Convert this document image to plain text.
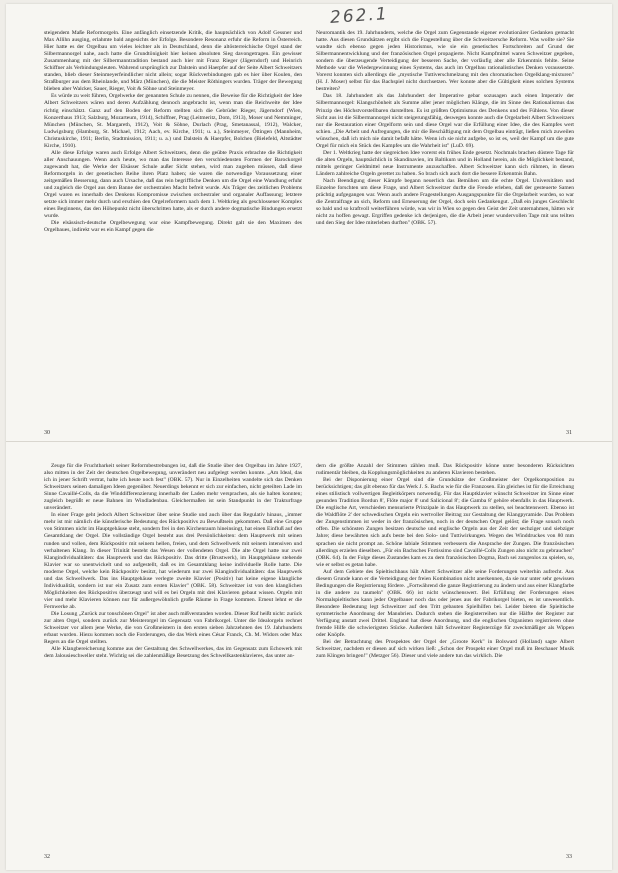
262.1

steigendem Maße Reformorgeln. Eine anfänglich einsetzende Kritik, die hauptsächlich von Adolf Gessner und Max Allihn ausging, erlahmte bald angesichts der Erfolge. Besondere Resonanz erfuhr die Reform in Österreich. Hier hatte es der Orgelbau um vieles leichter als in Deutschland, denn die altösterreichische Orgel stand der Silbermannorgel nahe, auch hatte die Grundtönigkeit hier keinen absoluten Sieg davongetragen. Ein gewisser Zusammenhang mit der Silbermanntradition bestand auch hier mit Franz Rieger (Jägerndorf) und Heinrich Schiffner als Verbindungsleuten. Wahrend ursprünglich zur Dalstein und Haerpfer auf der Seite Albert Schweitzers standen, blieb dieser Steinmeyerfeindlicher nicht allein; sogar Rückverbindungen gab es hier über Koulen, den Straßburger aus dem Rheinlande, und März (München), die die Meister Röthingers wurden. Träger der Bewegung blieben aber Walcker, Sauer, Rieger, Voit & Söhne und Steinmeyer.

Es würde zu weit führen, Orgelwerke der genannten Schule zu nennen, die Beweise für die Richtigkeit der Idee Albert Schweitzers wären und deren Aufzählung dennoch angebracht ist, wenn man die Reichweite der Idee richtig einschätzt. Ganz auf den Boden der Reform stellten sich die Gebrüder Rieger, Jägerndorf (Wien, Konzerthaus 1913; Salzburg, Mozarteum, 1914), Schiffner, Prag (Leitmeritz, Dom, 1913), Moser und Nemminger, München (München, St. Margareth, 1912), Voit & Söhne, Durlach (Prag, Smetanassal, 1912), Walcker, Ludwigsburg (Hamburg, St. Michael, 1912; Aach, ev. Kirche, 1911; u. a.), Steinmeyer, Öttingen (Mannheim, Christuskirche, 1911; Berlin, Stadtmission, 1911; u. a.) und Dalstein & Haerpfer, Bolchen (Bielefeld, Altstädter Kirche, 1910).

Alle diese Erfolge waren auch Erfolge Albert Schweitzers, denn die geübte Praxis erbrachte die Richtigkeit aller Anschauungen. Wenn auch heute, wo man das Interesse den verschiedensten Formen der Barockorgel zugewandt hat, die Werke der Elsässer Schule außer Sicht stehen, wird man zugeben müssen, daß diese Reformorgeln in der genetischen Reihe ihren Platz haben; sie waren die notwendige Voraussetzung einer zeitgemäßen Besserung, dann auch Ursache, daß das rein begriffliche Denken um die Orgel eine Wandlung erfuhr und zugleich die Orgel aus dem Banne der orchestralen Macht befreit wurde. Als Träger des zeitlichen Problems Orgel waren es innerhalb des Denkens Kompromisse zwischen orchestraler und organaler Auffassung; letztere setzte sich immer mehr durch und erschien den Orgelreformern nach dem 1. Weltkrieg als geschlossener Komplex eines Beginnens, das den Höhepunkt nicht überschritten hatte, als er durch andere dogmatische Bindungen ersetzt wurde.

Die elsässisch-deutsche Orgelbewegung war eine Kampfbewegung. Direkt galt sie den Maximen des Orgelbaues, indirekt war es ein Kampf gegen die

30

Neuromantik des 19. Jahrhunderts, welche die Orgel zum Gegenstande eigener evolutionärer Gedanken gemacht hatte. Aus diesen Grundsätzen ergibt sich die Fragestellung über die Schweitzersche Reform. Was wollte sie? Sie wandte sich ebenso gegen jeden Historismus, wie sie ein genetisches Fortschreiten auf Grund der Silbermannentwicklung und der französischen Orgel propagierte. Nicht Kampfmittel waren Schweitzer gegeben, sondern die überzeugende Verteidigung der besseren Sache, der vorläufig aber alle Erkenntnis fehlte. Seine Methode war die Wiedergewinnung eines Systems, das auch im Orgelbau rationalistisches Denken voraussetzte. Vorerst konnten sich allerdings die „mystische Tuttiverschmelzung mit den chromatischen Orgelklang-mixturen" (H. J. Moser) selbst für das Bachspiel nicht durchsetzen. Wer konnte aber die Gültigkeit eines solchen Systems bestreiten?

Das 18. Jahrhundert als das Jahrhundert der Imperative gebar sozusagen auch einen Imperativ der Silbermannorgel: Klangschönheit als Summe aller jener möglichen Klänge, die im Sinne des Rationalismus das Prinzip des Höchstvorstellbaren darstellten. Es ist größten Optimismus des Denkens und des Fühlens. Von dieser Sicht aus ist die Silbermannorgel nicht steigerungsfähig, deswegen konnte auch die Orgelarbeit Albert Schweitzers nur die Restauration einer Orgelform sein und diese Orgel war die Erfüllung einer Idee, die des Kampfes wert schien. „Die Arbeit und Aufregungen, die mir die Beschäftigung mit dem Orgelbau einträgt, ließen mich zuweilen wünschen, daß ich mich nie damit befaßt hätte. Wenn ich sie nicht aufgebe, so ist es, weil der Kampf um die gute Orgel für mich ein Stück des Kampfes um die Wahrheit ist" (LuD. 69).

Der 1. Weltkrieg hatte der siegreichen Idee vorerst ein frühes Ende gesetzt. Nochmals brachen düstere Tage für die alten Orgeln, hauptsächlich in Skandinavien, im Baltikum und in Holland herein, als die Möglichkeit bestand, mittels geringer Geldmittel neue Instrumente anzuschaffen. Albert Schweitzer kann sich rühmen, in diesen Ländern zahlreiche Orgeln gerettet zu haben. So brach sich auch dort die bessere Erkenntnis Bahn.

Nach Beendigung dieser Kämpfe begann neuerlich das Bemühen um die echte Orgel. Universitäten und Einzelne forschten um diese Frage, und Albert Schweitzer durfte die Freude erleben, daß der gesteuerte Samen prächtig aufgegangen war. Wenn auch andere Fragestellungen Ausgangspunkte für die Orgelarbeit wurden, so war die Zentralfrage an sich, Reform und Erneuerung der Orgel, doch sein Gedankengut. „Daß ein junges Geschlecht so bald und so kraftvoll weiterführen würde, was wir in Wien so gegen den Geist der Zeit unternahmen, hätten wir nicht zu hoffen gewagt. Ergriffen gedenke ich derjenigen, die die Arbeit jener wundervollen Tage mit uns teilten und den Sieg der Idee miterleben durften" (OBK. 57).

31

Zeuge für die Fruchtbarkeit seiner Reformbestrebungen ist, daß die Studie über den Orgelbau im Jahre 1927, also mitten in der Zeit der deutschen Orgelbewegung, unverändert neu aufgelegt werden konnte. „Am Ideal, das ich in jener Schrift vertrat, halte ich heute noch fest" (OBK. 57). Nur in Einzelheiten wandelte sich das Denken Schweitzers seinen damaligen Ideen gegenüber. Neuerdings bekennt er sich zur einfachen, nicht geteilten Lade im Sinne Cavaillé-Colls, da die Winddifferenzierung innerhalb der Laden mehr versprachen, als sie halten konnten; zugleich begrüßt er neue Bahnen im Windladenbau. Gleichermaßen ist sein Standpunkt in der Trakturfrage unverändert.

In einer Frage geht jedoch Albert Schweitzer über seine Studie und auch über das Regulativ hinaus, „immer mehr ist mir nämlich die künstlerische Bedeutung des Rückpositivs zu Bewußtsein gekommen. Daß eine Gruppe von Stimmen nicht im Hauptgehäuse steht, sondern frei in den Kirchenraum hineinsingt, hat einen Einfluß auf den Gesamtklang der Orgel. Die vollständige Orgel besteht aus drei Persönlichkeiten: dem Hauptwerk mit seinen runden und vollen, dem Rückpositiv mit seinem hellen, freien, und dem Schwellwerk mit seinem intensiven und verhaltenen Klang. In dieser Trinität besteht das Wesen der vollendeten Orgel. Die alte Orgel hatte nur zwei Klangindividualitäten: das Hauptwerk und das Rückpositiv. Das dritte (Brustwerk), im Hauptgehäuse stehende Klavier war so unentwickelt und so aufgestellt, daß es im Gesamtklang keine individuelle Rolle hatte. Die moderne Orgel, welche kein Rückpositiv besitzt, hat wiederum nur zwei Klangindividualitäten: das Hauptwerk und das Schwellwerk. Das ins Hauptgehäuse verlegte zweite Klavier (Positiv) hat keine eigene klangliche Individualität, sondern ist nur ein Zusatz zum ersten Klavier" (OBK. 58). Schweitzer ist von den klanglichen Möglichkeiten des Rückpositivs überzeugt und will es bei Orgeln mit drei Klavieren gebaut wissen. Orgeln mit vier und mehr Klavieren können nur für außergewöhnlich große Räume in Frage kommen. Erneut lehnt er die Fernwerke ab.

Die Losung „Zurück zur tonschönen Orgel" ist aber auch mißverstanden worden. Dieser Ruf heißt nicht: zurück zur alten Orgel, sondern zurück zur Meisterorgel im Gegensatz von Fabrikorgel. Unter die Idealorgeln rechnet Schweitzer vor allem jene Werke, die von Großmeistern in den ersten sieben Jahrzehnten des 19. Jahrhunderts erbaut wurden. Hiezu kommen noch die Forderungen, die das Werk eines César Franck, Ch. M. Widors oder Max Regers an die Orgel stellten.

Alle Klangbereicherung komme aus der Gestaltung des Schwellwerkes, das im Gegensatz zum Echowerk mit dem Jalousieschweller steht. Wichtig sei die zahlenmäßige Besetzung des Schwellkastenklavieres, das unter an-

32

dern die größte Anzahl der Stimmen zählen muß. Das Rückpositiv könne unter besonderen Rücksichten rudimentär bleiben, da Kopplungsmöglichkeiten zu anderen Klavieren bestehen.

Bei der Disponierung einer Orgel sind die Grundsätze der Großmeister der Orgelkomposition zu berücksichtigen; das gilt ebenso für das Werk J. S. Bachs wie für die Franzosen. Ein gleiches ist für die Erreichung eines stilistisch vollwertigen Begleitkörpers notwendig. Für das Hauptklavier wünscht Schweitzer im Sinne einer gesunden Tradition Bordun 8', Flöte major 8' und Salicional 8'; die Gamba 8' gehöre ebenfalls in das Hauptwerk. Die englische Art, verschieden mensurierte Prinzipale in das Hauptwerk zu stellen, sei beachtenswert. Ebenso ist die Waldflöte 2' der schwedischen Orgeln ein wertvoller Beitrag zur Gestaltung der Klangpyramide. Das Problem der Zungenstimmen ist weder in der französischen, noch in der deutschen Orgel gelöst; die Frage sonach noch offen. Die schönsten Zungen besitzen deutsche und englische Orgeln aus der Zeit der sechziger und siebziger Jahre; diese bewährten sich aufs beste bei den Solo- und Tuttiwirkungen. Wegen des Winddruckes von 80 mm sprachen sie nicht prompt an. Schöne labiale Stimmen verbessern die Ansprache der Zungen. Die französischen allerdings erzielen dieselben. „Für ein Bachsches Fortissimo sind Cavaillé-Colls Zungen also nicht zu gebrauchen" (OBK. 64). In der Folge dieses Zustandes kam es zu dem französischen Dogma, Bach sei zungenlos zu spielen, so, wie er selbst es getan habe.

Auf dem Gebiete des Spieltischbaus hält Albert Schweitzer alle seine Forderungen weiterhin aufrecht. Aus diesem Grunde kann er die Verteidigung der freien Kombination nicht anerkennen, da sie nur unter sehr gewissen Bedingungen die Registrierung fördere. „Fortwährend die ganze Registrierung zu ändern und aus einer Klangfarbe in die andere zu taumeln" (OBK. 66) ist nicht wünschenswert. Bei Erfüllung der Forderungen eines Normalspieltisches kann jeder Orgelbauer noch das oder jenes aus der Fabrikorgel bieten, es ist unwesentlich. Besondere Bedeutung legt Schweitzer auf den Tritt gebauten Spielhilfen bei. Leider bieten die Spieltische symmetrische Anordnung der Manubrien. Dadurch stehen die Registerreihen nur die Hälfte der Register zur Verfügung anstatt zwei Drittel. England hat diese Anordnung, und die englischen Organisten registrieren ohne fremde Hilfe die schwierigsten Stücke. Außerdem hält Schweitzer Registerzüge für zweckmäßiger als Wippen oder Knöpfe.

Bei der Betrachtung des Prospektes der Orgel der „Groote Kerk" in Bolsward (Holland) sagte Albert Schweitzer, nachdem er diesen auf sich wirken ließ: „Schon der Prospekt einer Orgel muß im Beschauer Musik zum Klingen bringen!" (Metzger 56). Dieser und viele andere tun das wirklich. Die

33
